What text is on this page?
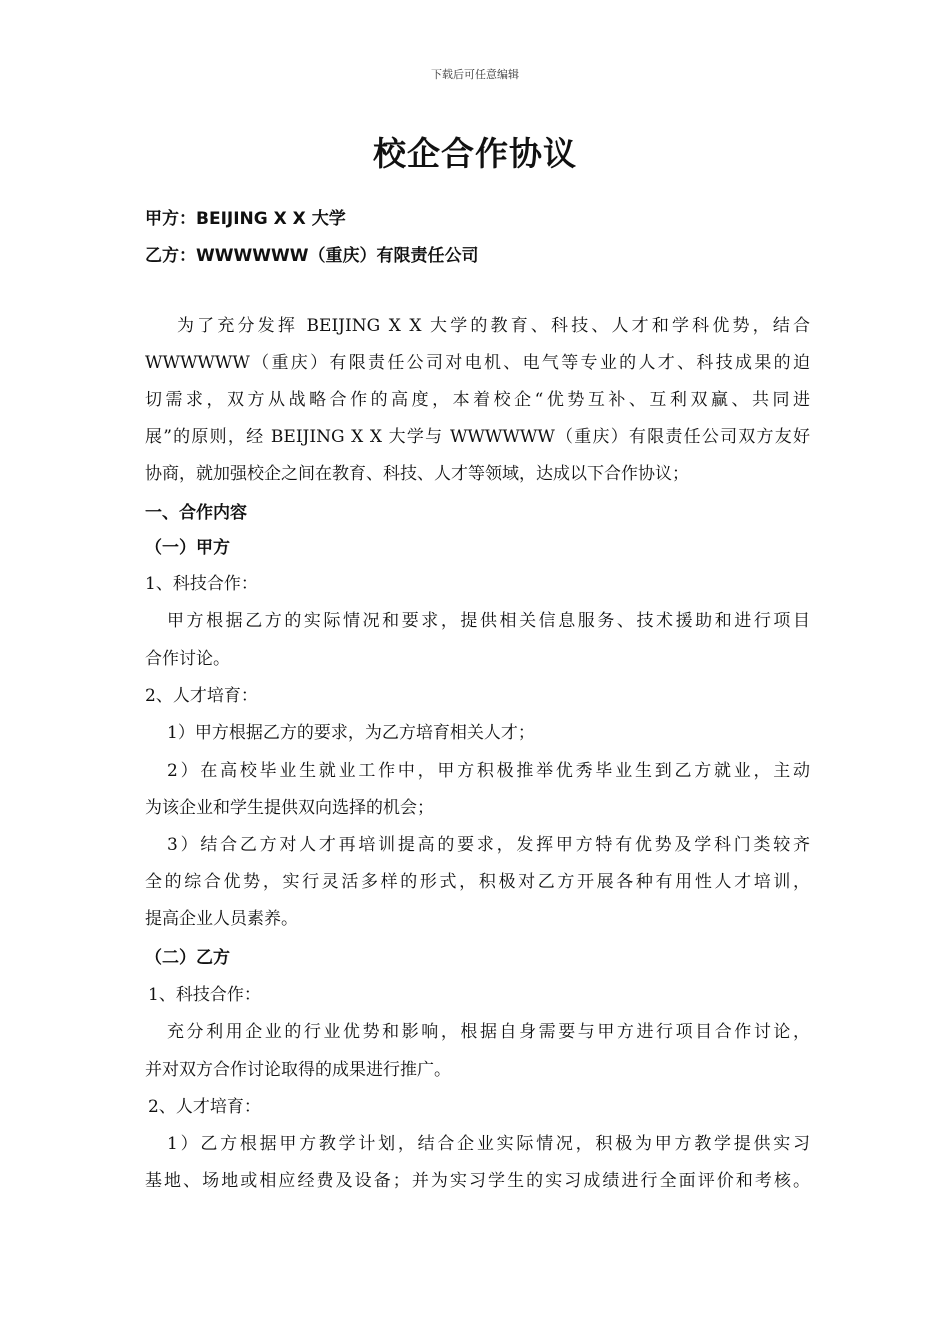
下载后可任意编辑
校企合作协议
甲方：BEIJING X X 大学
乙方：WWWWWW（重庆）有限责任公司
为了充分发挥 BEIJING X X 大学的教育、科技、人才和学科优势，结合
WWWWWW（重庆）有限责任公司对电机、电气等专业的人才、科技成果的迫
切需求，双方从战略合作的高度，本着校企“优势互补、互利双赢、共同进
展”的原则，经 BEIJING X X 大学与 WWWWWW（重庆）有限责任公司双方友好
协商，就加强校企之间在教育、科技、人才等领域，达成以下合作协议；
一、合作内容
（一）甲方
1、科技合作：
甲方根据乙方的实际情况和要求，提供相关信息服务、技术援助和进行项目
合作讨论。
2、人才培育：
1）甲方根据乙方的要求，为乙方培育相关人才；
2）在高校毕业生就业工作中，甲方积极推举优秀毕业生到乙方就业，主动
为该企业和学生提供双向选择的机会；
3）结合乙方对人才再培训提高的要求，发挥甲方特有优势及学科门类较齐
全的综合优势，实行灵活多样的形式，积极对乙方开展各种有用性人才培训，
提高企业人员素养。
（二）乙方
1、科技合作：
充分利用企业的行业优势和影响，根据自身需要与甲方进行项目合作讨论，
并对双方合作讨论取得的成果进行推广。
2、人才培育：
1）乙方根据甲方教学计划，结合企业实际情况，积极为甲方教学提供实习
基地、场地或相应经费及设备；并为实习学生的实习成绩进行全面评价和考核。
